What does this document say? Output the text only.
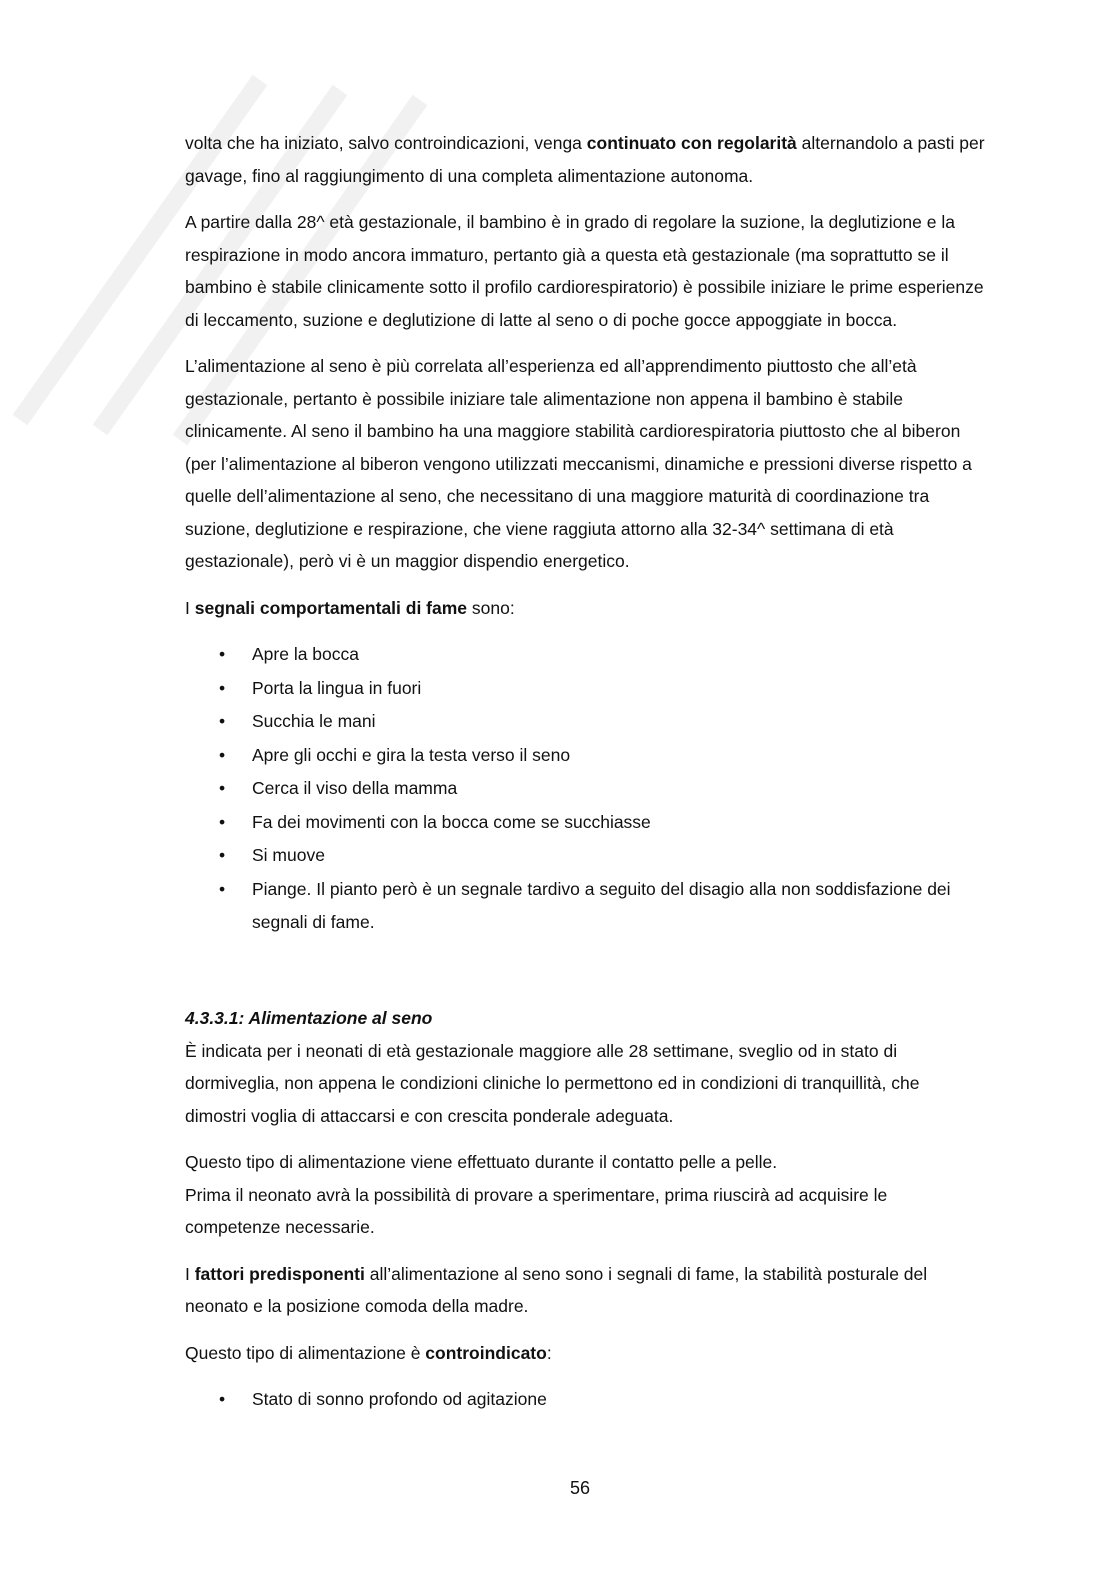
volta che ha iniziato, salvo controindicazioni, venga continuato con regolarità alternandolo a pasti per gavage, fino al raggiungimento di una completa alimentazione autonoma.

A partire dalla 28^ età gestazionale, il bambino è in grado di regolare la suzione, la deglutizione e la respirazione in modo ancora immaturo, pertanto già a questa età gestazionale (ma soprattutto se il bambino è stabile clinicamente sotto il profilo cardiorespiratorio) è possibile iniziare le prime esperienze di leccamento, suzione e deglutizione di latte al seno o di poche gocce appoggiate in bocca.

L’alimentazione al seno è più correlata all’esperienza ed all’apprendimento piuttosto che all’età gestazionale, pertanto è possibile iniziare tale alimentazione non appena il bambino è stabile clinicamente. Al seno il bambino ha una maggiore stabilità cardiorespiratoria piuttosto che al biberon (per l’alimentazione al biberon vengono utilizzati meccanismi, dinamiche e pressioni diverse rispetto a quelle dell’alimentazione al seno, che necessitano di una maggiore maturità di coordinazione tra suzione, deglutizione e respirazione, che viene raggiuta attorno alla 32-34^ settimana di età gestazionale), però vi è un maggior dispendio energetico.

I segnali comportamentali di fame sono:

• Apre la bocca
• Porta la lingua in fuori
• Succhia le mani
• Apre gli occhi e gira la testa verso il seno
• Cerca il viso della mamma
• Fa dei movimenti con la bocca come se succhiasse
• Si muove
• Piange. Il pianto però è un segnale tardivo a seguito del disagio alla non soddisfazione dei segnali di fame.
4.3.3.1: Alimentazione al seno

È indicata per i neonati di età gestazionale maggiore alle 28 settimane, sveglio od in stato di dormiveglia, non appena le condizioni cliniche lo permettono ed in condizioni di tranquillità, che dimostri voglia di attaccarsi e con crescita ponderale adeguata.

Questo tipo di alimentazione viene effettuato durante il contatto pelle a pelle.
Prima il neonato avrà la possibilità di provare a sperimentare, prima riuscirà ad acquisire le competenze necessarie.

I fattori predisponenti all’alimentazione al seno sono i segnali di fame, la stabilità posturale del neonato e la posizione comoda della madre.

Questo tipo di alimentazione è controindicato:

• Stato di sonno profondo od agitazione
56
